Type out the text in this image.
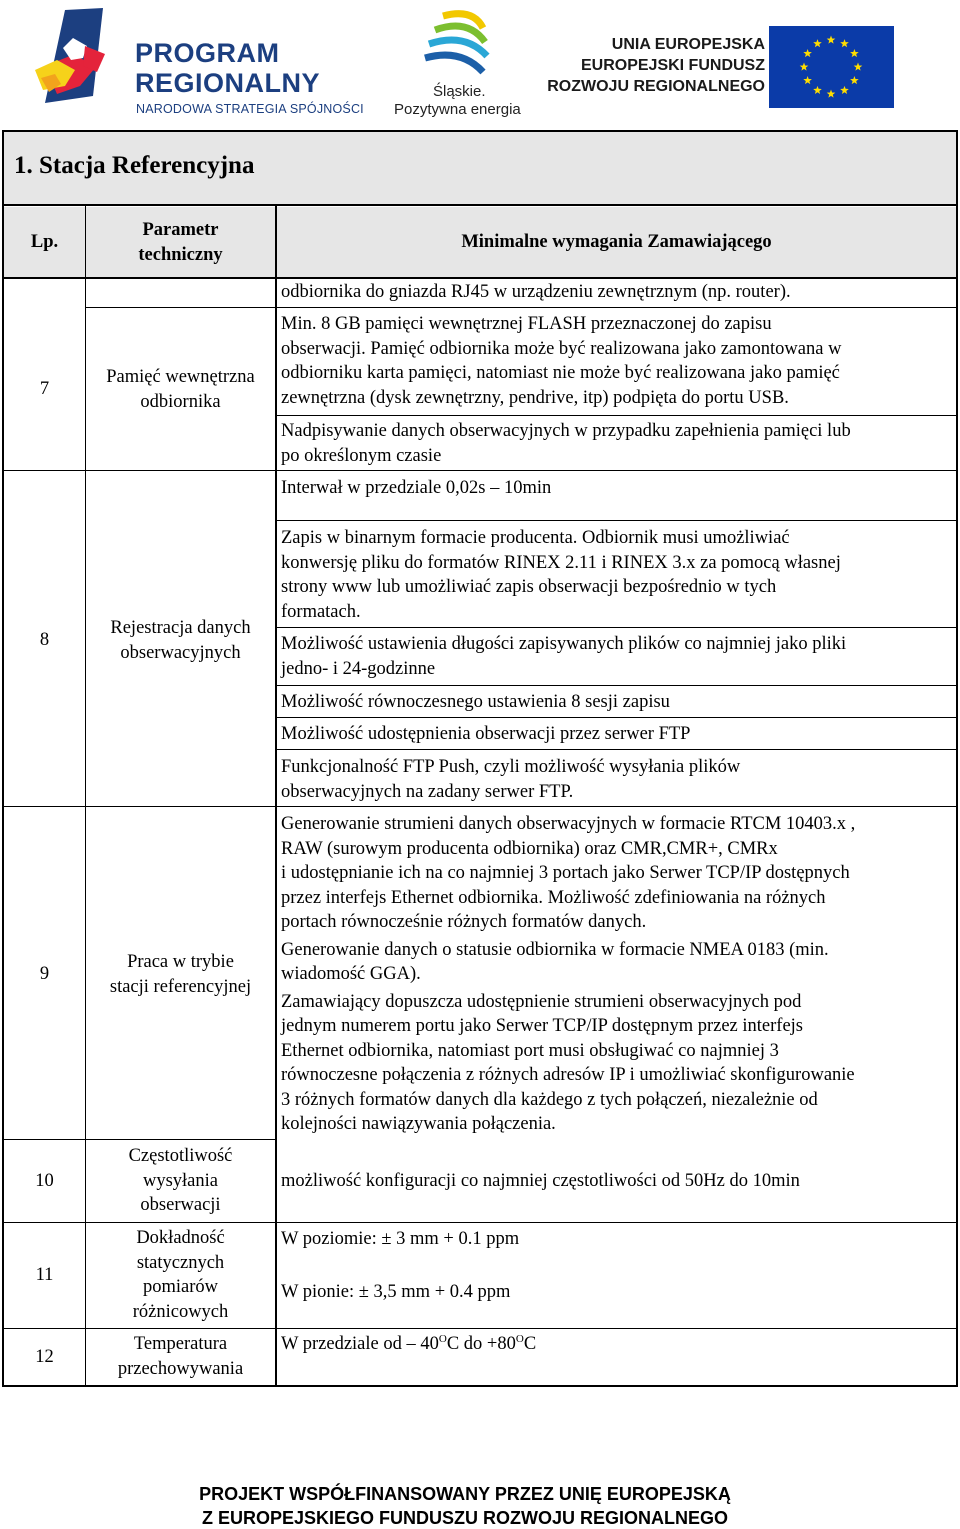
PROGRAM
REGIONALNY
NARODOWA STRATEGIA SPÓJNOŚCI
Śląskie.
Pozytywna energia
UNIA EUROPEJSKA
EUROPEJSKI FUNDUSZ
ROZWOJU REGIONALNEGO
1. Stacja Referencyjna
Lp.
Parametr
techniczny
Minimalne wymagania Zamawiającego
7
Pamięć wewnętrzna
odbiornika
odbiornika do gniazda RJ45 w urządzeniu zewnętrznym (np. router).
Min. 8 GB pamięci wewnętrznej FLASH przeznaczonej do zapisu
obserwacji. Pamięć odbiornika może być realizowana jako zamontowana w
odbiorniku karta pamięci, natomiast nie może być realizowana jako pamięć
zewnętrzna (dysk zewnętrzny, pendrive, itp) podpięta do portu USB.
Nadpisywanie danych obserwacyjnych w przypadku zapełnienia pamięci lub
po określonym czasie
8
Rejestracja danych
obserwacyjnych
Interwał w przedziale 0,02s – 10min
Zapis w binarnym formacie producenta. Odbiornik musi umożliwiać
konwersję pliku do formatów RINEX 2.11 i RINEX 3.x za pomocą własnej
strony www lub umożliwiać zapis obserwacji bezpośrednio w tych
formatach.
Możliwość ustawienia długości zapisywanych plików co najmniej jako pliki
jedno- i 24-godzinne
Możliwość równoczesnego ustawienia 8 sesji zapisu
Możliwość udostępnienia obserwacji przez serwer FTP
Funkcjonalność FTP Push, czyli możliwość wysyłania plików
obserwacyjnych na zadany serwer FTP.
9
Praca w trybie
stacji referencyjnej
Generowanie strumieni danych obserwacyjnych w formacie RTCM 10403.x ,
RAW (surowym producenta odbiornika) oraz CMR,CMR+, CMRx
i udostępnianie ich na co najmniej 3 portach jako Serwer TCP/IP dostępnych
przez interfejs Ethernet odbiornika. Możliwość zdefiniowania na różnych
portach równocześnie różnych formatów danych.
Generowanie danych o statusie odbiornika w formacie NMEA 0183 (min.
wiadomość GGA).
Zamawiający dopuszcza udostępnienie strumieni obserwacyjnych pod
jednym numerem portu jako Serwer TCP/IP dostępnym przez interfejs
Ethernet odbiornika, natomiast port musi obsługiwać co najmniej 3
równoczesne połączenia z różnych adresów IP i umożliwiać skonfigurowanie
3 różnych formatów danych dla każdego z tych połączeń, niezależnie od
kolejności nawiązywania połączenia.
10
Częstotliwość
wysyłania
obserwacji
możliwość konfiguracji co najmniej częstotliwości od 50Hz do 10min
11
Dokładność
statycznych
pomiarów
różnicowych
W poziomie: ± 3 mm + 0.1 ppm
W pionie: ± 3,5 mm + 0.4 ppm
12
Temperatura
przechowywania
W przedziale od – $40^OC$ do $+80^OC$
PROJEKT WSPÓŁFINANSOWANY PRZEZ UNIĘ EUROPEJSKĄ
Z EUROPEJSKIEGO FUNDUSZU ROZWOJU REGIONALNEGO
